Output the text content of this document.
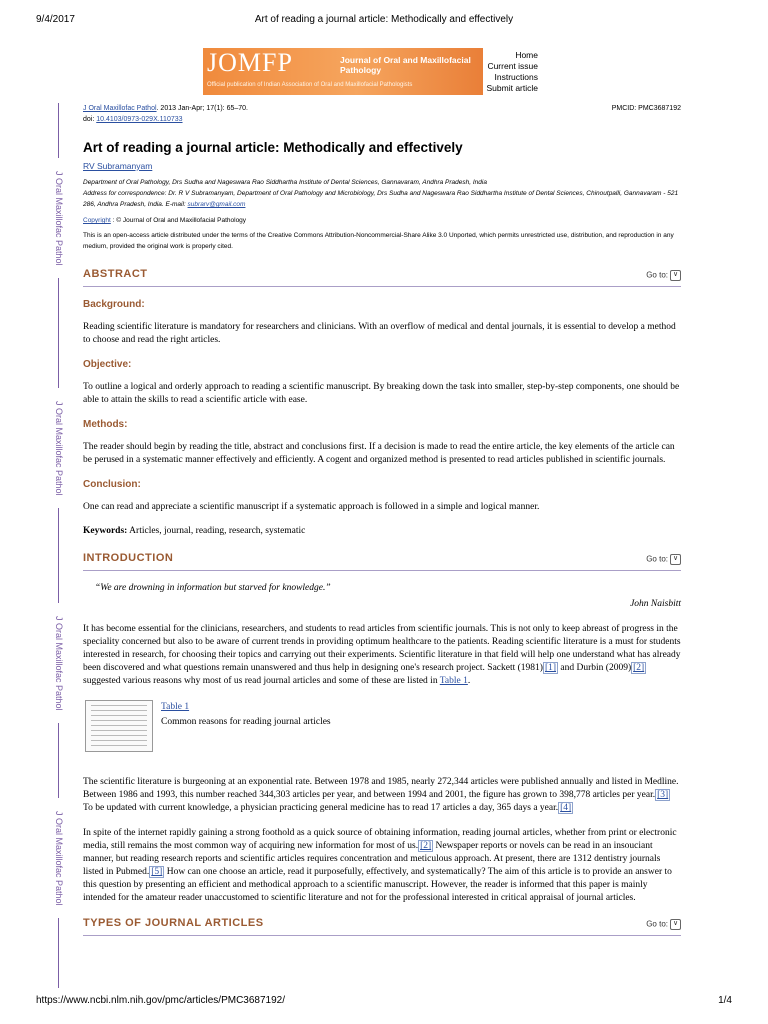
9/4/2017	Art of reading a journal article: Methodically and effectively
JOMFP	Journal of Oral and Maxillofacial Pathology
Official publication of Indian Association of Oral and Maxillofacial Pathologists
Home
Current issue
Instructions
Submit article
J Oral Maxillofac Pathol
J Oral Maxillofac Pathol
J Oral Maxillofac Pathol
J Oral Maxillofac Pathol
J Oral Maxillofac Pathol. 2013 Jan-Apr; 17(1): 65–70.
doi: 10.4103/0973-029X.110733
PMCID: PMC3687192
Art of reading a journal article: Methodically and effectively
RV Subramanyam

Department of Oral Pathology, Drs Sudha and Nageswara Rao Siddhartha Institute of Dental Sciences, Gannavaram, Andhra Pradesh, India

Address for correspondence: Dr. R V Subramanyam, Department of Oral Pathology and Microbiology, Drs Sudha and Nageswara Rao Siddhartha Institute of Dental Sciences, Chinoutpalli, Gannavaram - 521 286, Andhra Pradesh, India. E-mail: subrarv@gmail.com

Copyright : © Journal of Oral and Maxillofacial Pathology

This is an open-access article distributed under the terms of the Creative Commons Attribution-Noncommercial-Share Alike 3.0 Unported, which permits unrestricted use, distribution, and reproduction in any medium, provided the original work is properly cited.

ABSTRACT	Go to: ∨
Background:

Reading scientific literature is mandatory for researchers and clinicians. With an overflow of medical and dental journals, it is essential to develop a method to choose and read the right articles.

Objective:

To outline a logical and orderly approach to reading a scientific manuscript. By breaking down the task into smaller, step-by-step components, one should be able to attain the skills to read a scientific article with ease.

Methods:

The reader should begin by reading the title, abstract and conclusions first. If a decision is made to read the entire article, the key elements of the article can be perused in a systematic manner effectively and efficiently. A cogent and organized method is presented to read articles published in scientific journals.

Conclusion:

One can read and appreciate a scientific manuscript if a systematic approach is followed in a simple and logical manner.

Keywords: Articles, journal, reading, research, systematic
INTRODUCTION	Go to: ∨
“We are drowning in information but starved for knowledge.”
John Naisbitt

It has become essential for the clinicians, researchers, and students to read articles from scientific journals. This is not only to keep abreast of progress in the speciality concerned but also to be aware of current trends in providing optimum healthcare to the patients. Reading scientific literature is a must for students interested in research, for choosing their topics and carrying out their experiments. Scientific literature in that field will help one understand what has already been discovered and what questions remain unanswered and thus help in designing one's research project. Sackett (1981) [1] and Durbin (2009) [2] suggested various reasons why most of us read journal articles and some of these are listed in Table 1.

Table 1
Common reasons for reading journal articles

The scientific literature is burgeoning at an exponential rate. Between 1978 and 1985, nearly 272,344 articles were published annually and listed in Medline. Between 1986 and 1993, this number reached 344,303 articles per year, and between 1994 and 2001, the figure has grown to 398,778 articles per year. [3] To be updated with current knowledge, a physician practicing general medicine has to read 17 articles a day, 365 days a year. [4]

In spite of the internet rapidly gaining a strong foothold as a quick source of obtaining information, reading journal articles, whether from print or electronic media, still remains the most common way of acquiring new information for most of us. [2] Newspaper reports or novels can be read in an insouciant manner, but reading research reports and scientific articles requires concentration and meticulous approach. At present, there are 1312 dentistry journals listed in Pubmed. [5] How can one choose an article, read it purposefully, effectively, and systematically? The aim of this article is to provide an answer to this question by presenting an efficient and methodical approach to a scientific manuscript. However, the reader is informed that this paper is mainly intended for the amateur reader unaccustomed to scientific literature and not for the professional interested in critical appraisal of journal articles.

TYPES OF JOURNAL ARTICLES	Go to: ∨
https://www.ncbi.nlm.nih.gov/pmc/articles/PMC3687192/	1/4
